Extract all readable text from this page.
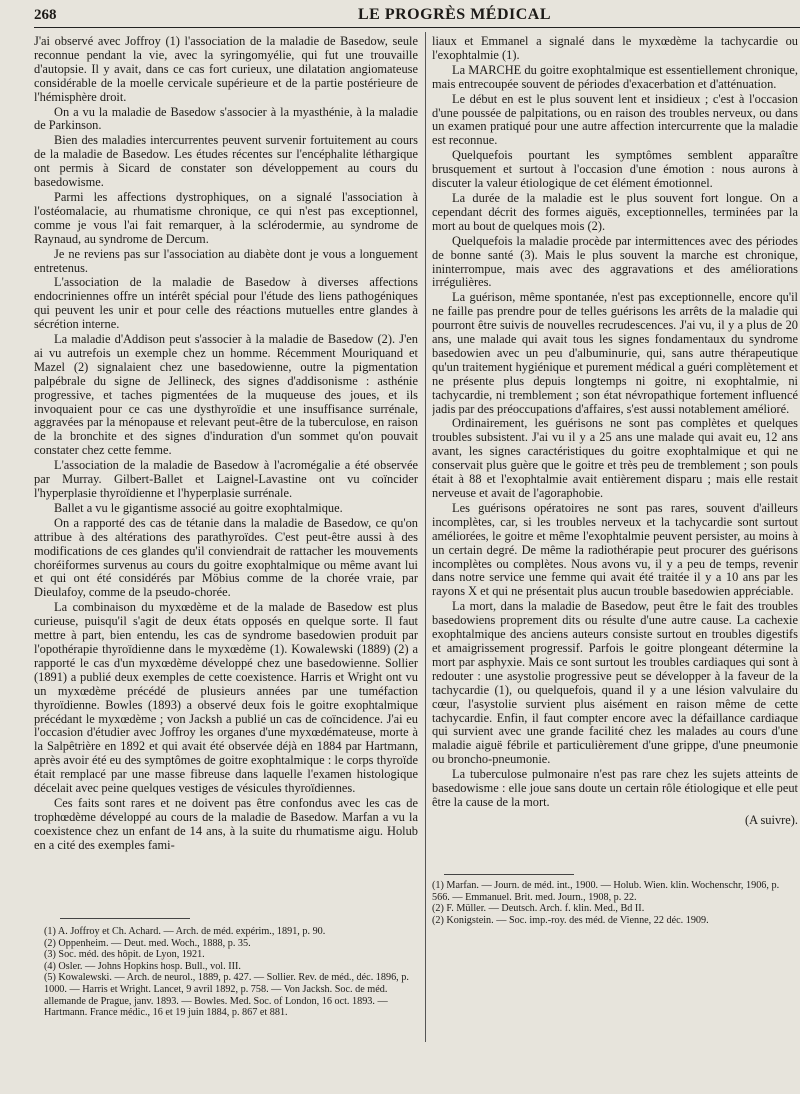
268	LE PROGRÈS MÉDICAL

J'ai observé avec Joffroy (1) l'association de la maladie de Basedow, seule reconnue pendant la vie, avec la syringomyélie, qui fut une trouvaille d'autopsie. Il y avait, dans ce cas fort curieux, une dilatation angiomateuse considérable de la moelle cervicale supérieure et de la partie postérieure de l'hémisphère droit.

On a vu la maladie de Basedow s'associer à la myasthénie, à la maladie de Parkinson.

Bien des maladies intercurrentes peuvent survenir fortuitement au cours de la maladie de Basedow. Les études récentes sur l'encéphalite léthargique ont permis à Sicard de constater son développement au cours du basedowisme.

Parmi les affections dystrophiques, on a signalé l'association à l'ostéomalacie, au rhumatisme chronique, ce qui n'est pas exceptionnel, comme je vous l'ai fait remarquer, à la sclérodermie, au syndrome de Raynaud, au syndrome de Dercum.

Je ne reviens pas sur l'association au diabète dont je vous a longuement entretenus.

L'association de la maladie de Basedow à diverses affections endocriniennes offre un intérêt spécial pour l'étude des liens pathogéniques qui peuvent les unir et pour celle des réactions mutuelles entre glandes à sécrétion interne.

La maladie d'Addison peut s'associer à la maladie de Basedow (2). J'en ai vu autrefois un exemple chez un homme. Récemment Mouriquand et Mazel (2) signalaient chez une basedowienne, outre la pigmentation palpébrale du signe de Jellineck, des signes d'addisonisme : asthénie progressive, et taches pigmentées de la muqueuse des joues, et ils invoquaient pour ce cas une dysthyroïdie et une insuffisance surrénale, aggravées par la ménopause et relevant peut-être de la tuberculose, en raison de la bronchite et des signes d'induration d'un sommet qu'on pouvait constater chez cette femme.

L'association de la maladie de Basedow à l'acromégalie a été observée par Murray. Gilbert-Ballet et Laignel-Lavastine ont vu coïncider l'hyperplasie thyroïdienne et l'hyperplasie surrénale.

Ballet a vu le gigantisme associé au goitre exophtalmique.

On a rapporté des cas de tétanie dans la maladie de Basedow, ce qu'on attribue à des altérations des parathyroïdes. C'est peut-être aussi à des modifications de ces glandes qu'il conviendrait de rattacher les mouvements choréiformes survenus au cours du goitre exophtalmique ou même avant lui et qui ont été considérés par Möbius comme de la chorée vraie, par Dieulafoy, comme de la pseudo-chorée.

La combinaison du myxœdème et de la malade de Basedow est plus curieuse, puisqu'il s'agit de deux états opposés en quelque sorte. Il faut mettre à part, bien entendu, les cas de syndrome basedowien produit par l'opothérapie thyroïdienne dans le myxœdème (1). Kowalewski (1889) (2) a rapporté le cas d'un myxœdème développé chez une basedowienne. Sollier (1891) a publié deux exemples de cette coexistence. Harris et Wright ont vu un myxœdème précédé de plusieurs années par une tuméfaction thyroïdienne. Bowles (1893) a observé deux fois le goitre exophtalmique précédant le myxœdème ; von Jacksh a publié un cas de coïncidence. J'ai eu l'occasion d'étudier avec Joffroy les organes d'une myxœdémateuse, morte à la Salpêtrière en 1892 et qui avait été observée déjà en 1884 par Hartmann, après avoir été eu des symptômes de goitre exophtalmique : le corps thyroïde était remplacé par une masse fibreuse dans laquelle l'examen histologique décelait avec peine quelques vestiges de vésicules thyroïdiennes.

Ces faits sont rares et ne doivent pas être confondus avec les cas de trophœdème développé au cours de la maladie de Basedow. Marfan a vu la coexistence chez un enfant de 14 ans, à la suite du rhumatisme aigu. Holub en a cité des exemples fami-

liaux et Emmanel a signalé dans le myxœdème la tachycardie ou l'exophtalmie (1).

La MARCHE du goitre exophtalmique est essentiellement chronique, mais entrecoupée souvent de périodes d'exacerbation et d'atténuation.

Le début en est le plus souvent lent et insidieux ; c'est à l'occasion d'une poussée de palpitations, ou en raison des troubles nerveux, ou dans un examen pratiqué pour une autre affection intercurrente que la maladie est reconnue.

Quelquefois pourtant les symptômes semblent apparaître brusquement et surtout à l'occasion d'une émotion : nous aurons à discuter la valeur étiologique de cet élément émotionnel.

La durée de la maladie est le plus souvent fort longue. On a cependant décrit des formes aiguës, exceptionnelles, terminées par la mort au bout de quelques mois (2).

Quelquefois la maladie procède par intermittences avec des périodes de bonne santé (3). Mais le plus souvent la marche est chronique, ininterrompue, mais avec des aggravations et des améliorations irrégulières.

La guérison, même spontanée, n'est pas exceptionnelle, encore qu'il ne faille pas prendre pour de telles guérisons les arrêts de la maladie qui pourront être suivis de nouvelles recrudescences. J'ai vu, il y a plus de 20 ans, une malade qui avait tous les signes fondamentaux du syndrome basedowien avec un peu d'albuminurie, qui, sans autre thérapeutique qu'un traitement hygiénique et purement médical a guéri complètement et ne présente plus depuis longtemps ni goitre, ni exophtalmie, ni tachycardie, ni tremblement ; son état névropathique fortement influencé jadis par des préoccupations d'affaires, s'est aussi notablement amélioré.

Ordinairement, les guérisons ne sont pas complètes et quelques troubles subsistent. J'ai vu il y a 25 ans une malade qui avait eu, 12 ans avant, les signes caractéristiques du goitre exophtalmique et qui ne conservait plus guère que le goitre et très peu de tremblement ; son pouls était à 88 et l'exophtalmie avait entièrement disparu ; mais elle restait nerveuse et avait de l'agoraphobie.

Les guérisons opératoires ne sont pas rares, souvent d'ailleurs incomplètes, car, si les troubles nerveux et la tachycardie sont surtout améliorées, le goitre et même l'exophtalmie peuvent persister, au moins à un certain degré. De même la radiothérapie peut procurer des guérisons incomplètes ou complètes. Nous avons vu, il y a peu de temps, revenir dans notre service une femme qui avait été traitée il y a 10 ans par les rayons X et qui ne présentait plus aucun trouble basedowien appréciable.

La mort, dans la maladie de Basedow, peut être le fait des troubles basedowiens proprement dits ou résulte d'une autre cause. La cachexie exophtalmique des anciens auteurs consiste surtout en troubles digestifs et amaigrissement progressif. Parfois le goitre plongeant détermine la mort par asphyxie. Mais ce sont surtout les troubles cardiaques qui sont à redouter : une asystolie progressive peut se développer à la faveur de la tachycardie (1), ou quelquefois, quand il y a une lésion valvulaire du cœur, l'asystolie survient plus aisément en raison même de cette tachycardie. Enfin, il faut compter encore avec la défaillance cardiaque qui survient avec une grande facilité chez les malades au cours d'une maladie aiguë fébrile et particulièrement d'une grippe, d'une pneumonie ou broncho-pneumonie.

La tuberculose pulmonaire n'est pas rare chez les sujets atteints de basedowisme : elle joue sans doute un certain rôle étiologique et elle peut être la cause de la mort.

(A suivre).

(1) A. Joffroy et Ch. Achard. — Arch. de méd. expérim., 1891, p. 90.
(2) Oppenheim. — Deut. med. Woch., 1888, p. 35.
(3) Soc. méd. des hôpit. de Lyon, 1921.
(4) Osler. — Johns Hopkins hosp. Bull., vol. III.
(5) Kowalewski. — Arch. de neurol., 1889, p. 427. — Sollier. Rev. de méd., déc. 1896, p. 1000. — Harris et Wright. Lancet, 9 avril 1892, p. 758. — Von Jacksh. Soc. de méd. allemande de Prague, janv. 1893. — Bowles. Med. Soc. of London, 16 oct. 1893. — Hartmann. France médic., 16 et 19 juin 1884, p. 867 et 881.
(1) Marfan. — Journ. de méd. int., 1900. — Holub. Wien. klin. Wochenschr, 1906, p. 566. — Emmanuel. Brit. med. Journ., 1908, p. 22.
(2) F. Müller. — Deutsch. Arch. f. klin. Med., Bd II.
(2) Konigstein. — Soc. imp.-roy. des méd. de Vienne, 22 déc. 1909.
